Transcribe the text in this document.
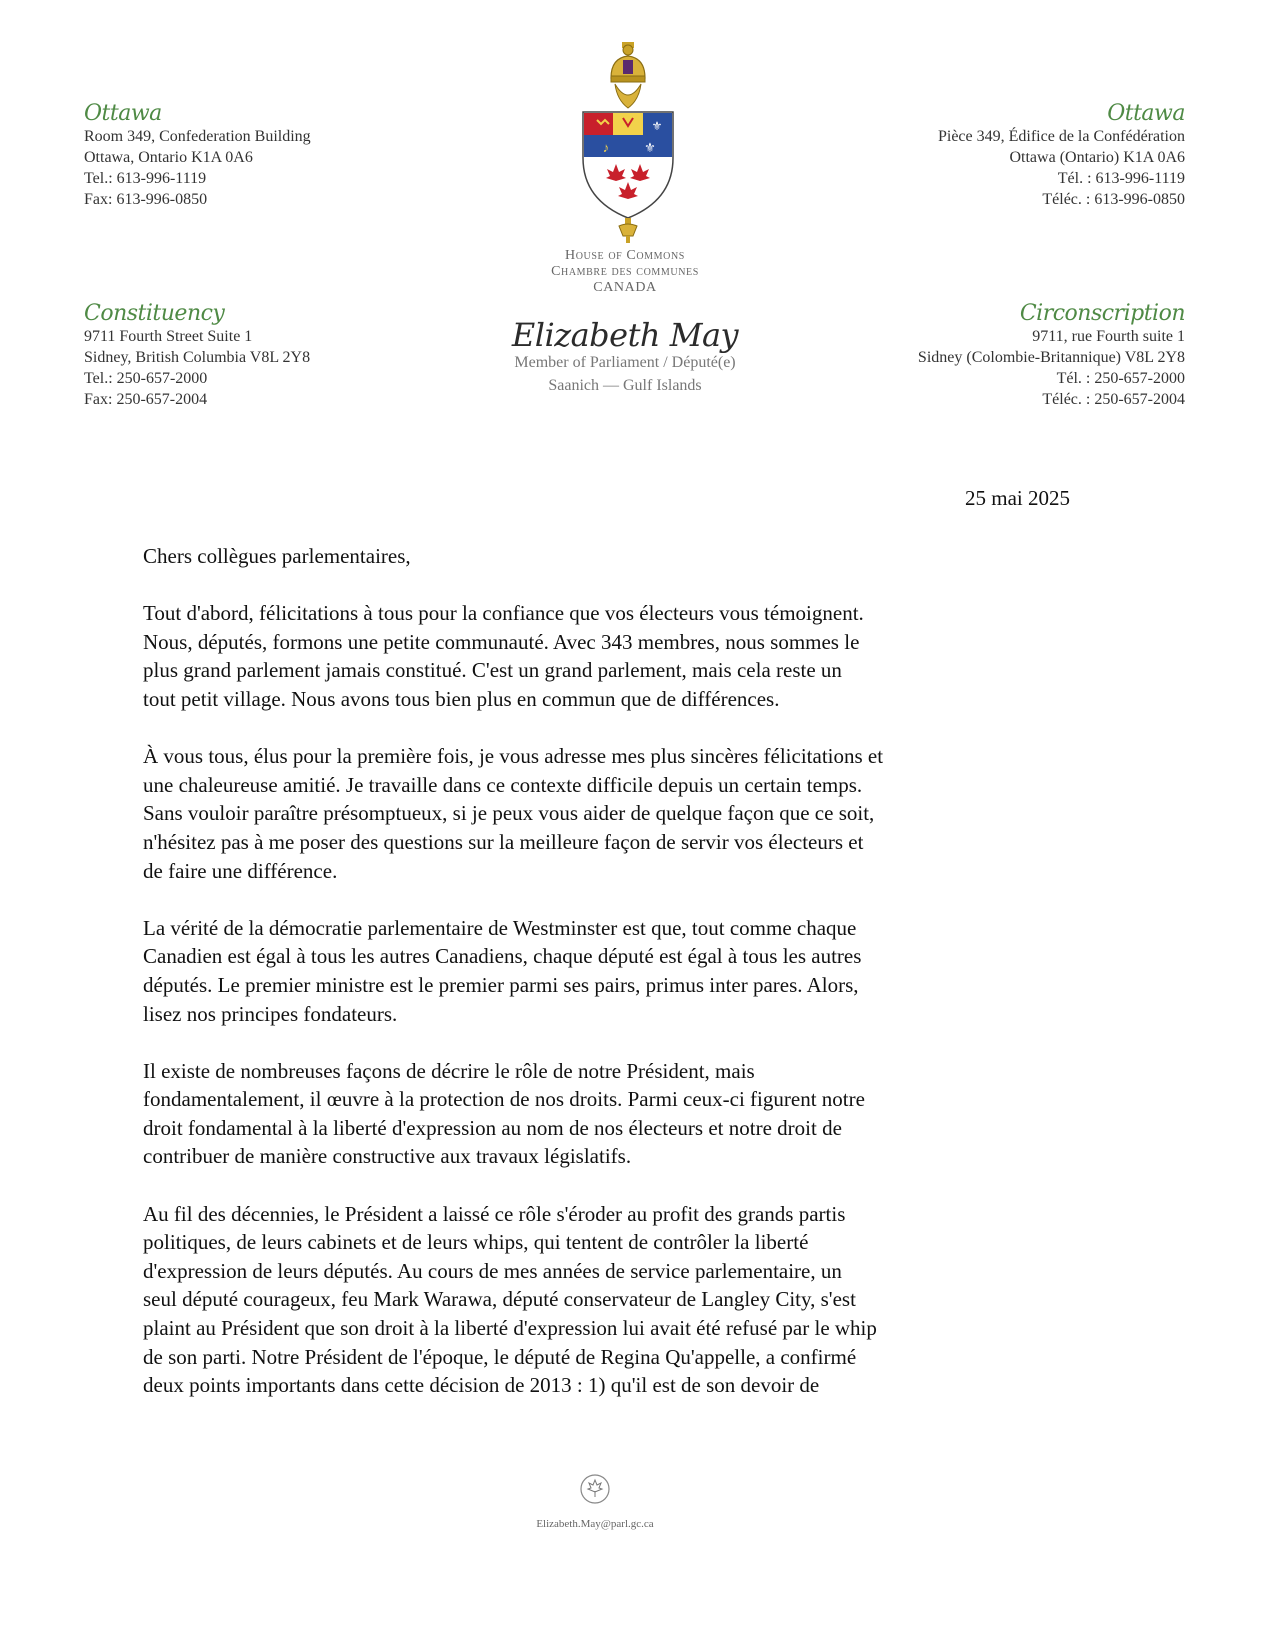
Ottawa
Room 349, Confederation Building
Ottawa, Ontario K1A 0A6
Tel.: 613-996-1119
Fax: 613-996-0850
Constituency
9711 Fourth Street Suite 1
Sidney, British Columbia V8L 2Y8
Tel.: 250-657-2000
Fax: 250-657-2004
Ottawa
Pièce 349, Édifice de la Confédération
Ottawa (Ontario) K1A 0A6
Tél. : 613-996-1119
Téléc. : 613-996-0850
Circonscription
9711, rue Fourth suite 1
Sidney (Colombie-Britannique) V8L 2Y8
Tél. : 250-657-2000
Téléc. : 250-657-2004
⚜
♪	⚜
House of Commons
Chambre des communes
CANADA
Elizabeth May
Member of Parliament / Député(e)
Saanich — Gulf Islands
25 mai 2025

Chers collègues parlementaires,

Tout d'abord, félicitations à tous pour la confiance que vos électeurs vous témoignent.
Nous, députés, formons une petite communauté. Avec 343 membres, nous sommes le
plus grand parlement jamais constitué. C'est un grand parlement, mais cela reste un
tout petit village. Nous avons tous bien plus en commun que de différences.

À vous tous, élus pour la première fois, je vous adresse mes plus sincères félicitations et
une chaleureuse amitié. Je travaille dans ce contexte difficile depuis un certain temps.
Sans vouloir paraître présomptueux, si je peux vous aider de quelque façon que ce soit,
n'hésitez pas à me poser des questions sur la meilleure façon de servir vos électeurs et
de faire une différence.

La vérité de la démocratie parlementaire de Westminster est que, tout comme chaque
Canadien est égal à tous les autres Canadiens, chaque député est égal à tous les autres
députés. Le premier ministre est le premier parmi ses pairs, primus inter pares. Alors,
lisez nos principes fondateurs.

Il existe de nombreuses façons de décrire le rôle de notre Président, mais
fondamentalement, il œuvre à la protection de nos droits. Parmi ceux-ci figurent notre
droit fondamental à la liberté d'expression au nom de nos électeurs et notre droit de
contribuer de manière constructive aux travaux législatifs.

Au fil des décennies, le Président a laissé ce rôle s'éroder au profit des grands partis
politiques, de leurs cabinets et de leurs whips, qui tentent de contrôler la liberté
d'expression de leurs députés. Au cours de mes années de service parlementaire, un
seul député courageux, feu Mark Warawa, député conservateur de Langley City, s'est
plaint au Président que son droit à la liberté d'expression lui avait été refusé par le whip
de son parti. Notre Président de l'époque, le député de Regina Qu'appelle, a confirmé
deux points importants dans cette décision de 2013 : 1) qu'il est de son devoir de

Elizabeth.May@parl.gc.ca
